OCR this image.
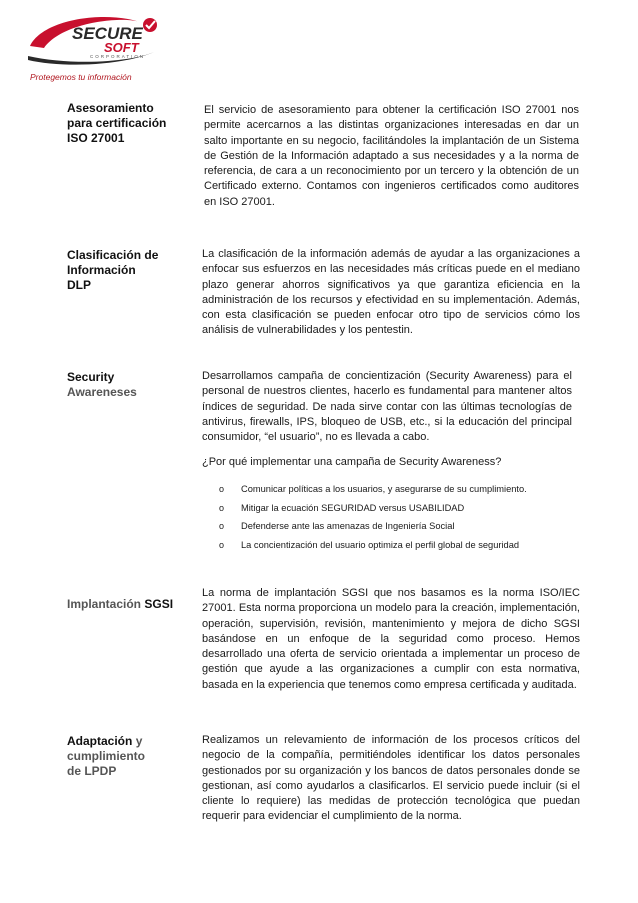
SECURE
SOFT
CORPORATION
Protegemos tu información
Asesoramiento
para certificación
ISO 27001

El servicio de asesoramiento para obtener la certificación ISO 27001 nos permite acercarnos a las distintas organizaciones interesadas en dar un salto importante en su negocio, facilitándoles la implantación de un Sistema de Gestión de la Información adaptado a sus necesidades y a la norma de referencia, de cara a un reconocimiento por un tercero y la obtención de un Certificado externo. Contamos con ingenieros certificados como auditores en ISO 27001.

Clasificación de
Información
DLP

La clasificación de la información además de ayudar a las organizaciones a enfocar sus esfuerzos en las necesidades más críticas puede en el mediano plazo generar ahorros significativos ya que garantiza eficiencia en la administración de los recursos y efectividad en su implementación. Además, con esta clasificación se pueden enfocar otro tipo de servicios cómo los análisis de vulnerabilidades y los pentestin.

Security
Awareneses

Desarrollamos campaña de concientización (Security Awareness) para el personal de nuestros clientes, hacerlo es fundamental para mantener altos índices de seguridad. De nada sirve contar con las últimas tecnologías de antivirus, firewalls, IPS, bloqueo de USB, etc., si la educación del principal consumidor, “el usuario”, no es llevada a cabo.

¿Por qué implementar una campaña de Security Awareness?
o Comunicar políticas a los usuarios, y asegurarse de su cumplimiento.
o Mitigar la ecuación SEGURIDAD versus USABILIDAD
o Defenderse ante las amenazas de Ingeniería Social
o La concientización del usuario optimiza el perfil global de seguridad
Implantación SGSI

La norma de implantación SGSI que nos basamos es la norma ISO/IEC 27001. Esta norma proporciona un modelo para la creación, implementación, operación, supervisión, revisión, mantenimiento y mejora de dicho SGSI basándose en un enfoque de la seguridad como proceso. Hemos desarrollado una oferta de servicio orientada a implementar un proceso de gestión que ayude a las organizaciones a cumplir con esta normativa, basada en la experiencia que tenemos como empresa certificada y auditada.

Adaptación y
cumplimiento
de LPDP

Realizamos un relevamiento de información de los procesos críticos del negocio de la compañía, permitiéndoles identificar los datos personales gestionados por su organización y los bancos de datos personales donde se gestionan, así como ayudarlos a clasificarlos. El servicio puede incluir (si el cliente lo requiere) las medidas de protección tecnológica que puedan requerir para evidenciar el cumplimiento de la norma.
